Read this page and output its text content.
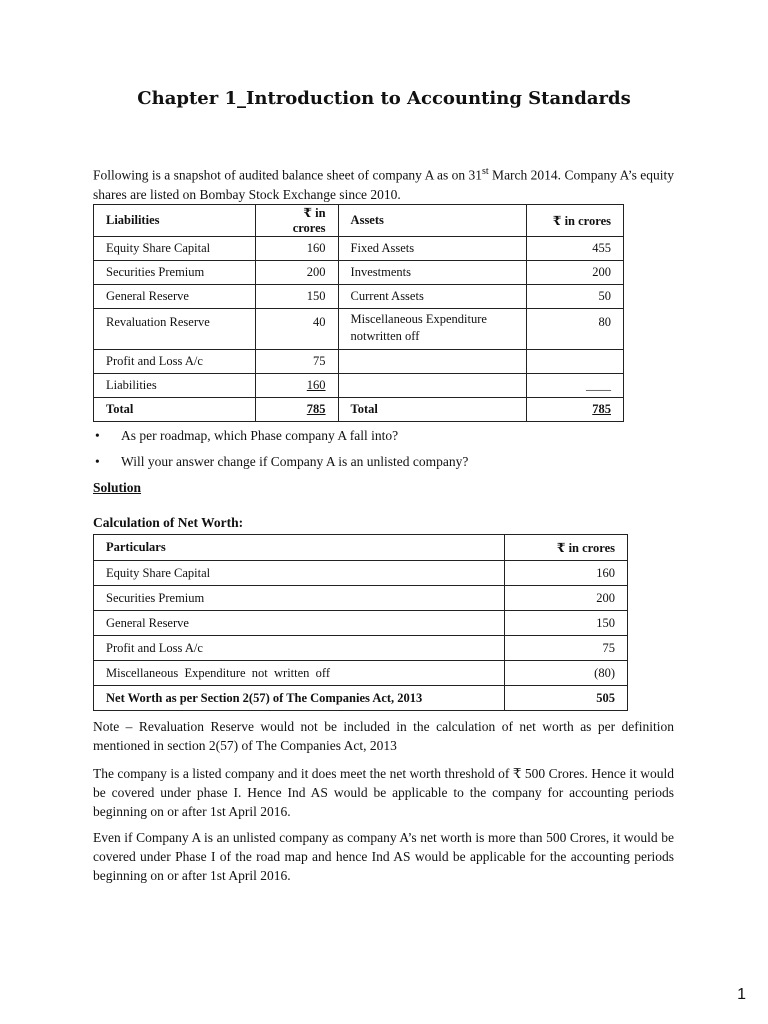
Chapter 1_Introduction to Accounting Standards
Following is a snapshot of audited balance sheet of company A as on 31st March 2014. Company A’s equity shares are listed on Bombay Stock Exchange since 2010.
Liabilities	₹ in crores	Assets	₹ in crores
Equity Share Capital	160	Fixed Assets	455
Securities Premium	200	Investments	200
General Reserve	150	Current Assets	50
Revaluation Reserve	40	Miscellaneous Expenditure notwritten off	80
Profit and Loss A/c	75		
Liabilities	160		____
Total	785	Total	785
• As per roadmap, which Phase company A fall into?
• Will your answer change if Company A is an unlisted company?
Solution
Calculation of Net Worth:
Particulars	₹ in crores
Equity Share Capital	160
Securities Premium	200
General Reserve	150
Profit and Loss A/c	75
Miscellaneous  Expenditure  not  written  off	(80)
Net Worth as per Section 2(57) of The Companies Act, 2013	505
Note – Revaluation Reserve would not be included in the calculation of net worth as per definition mentioned in section 2(57) of The Companies Act, 2013
The company is a listed company and it does meet the net worth threshold of ₹ 500 Crores. Hence it would be covered under phase I. Hence Ind AS would be applicable to the company for accounting periods beginning on or after 1st April 2016.
Even if Company A is an unlisted company as company A’s net worth is more than 500 Crores, it would be covered under Phase I of the road map and hence Ind AS would be applicable for the accounting periods beginning on or after 1st April 2016.
1
